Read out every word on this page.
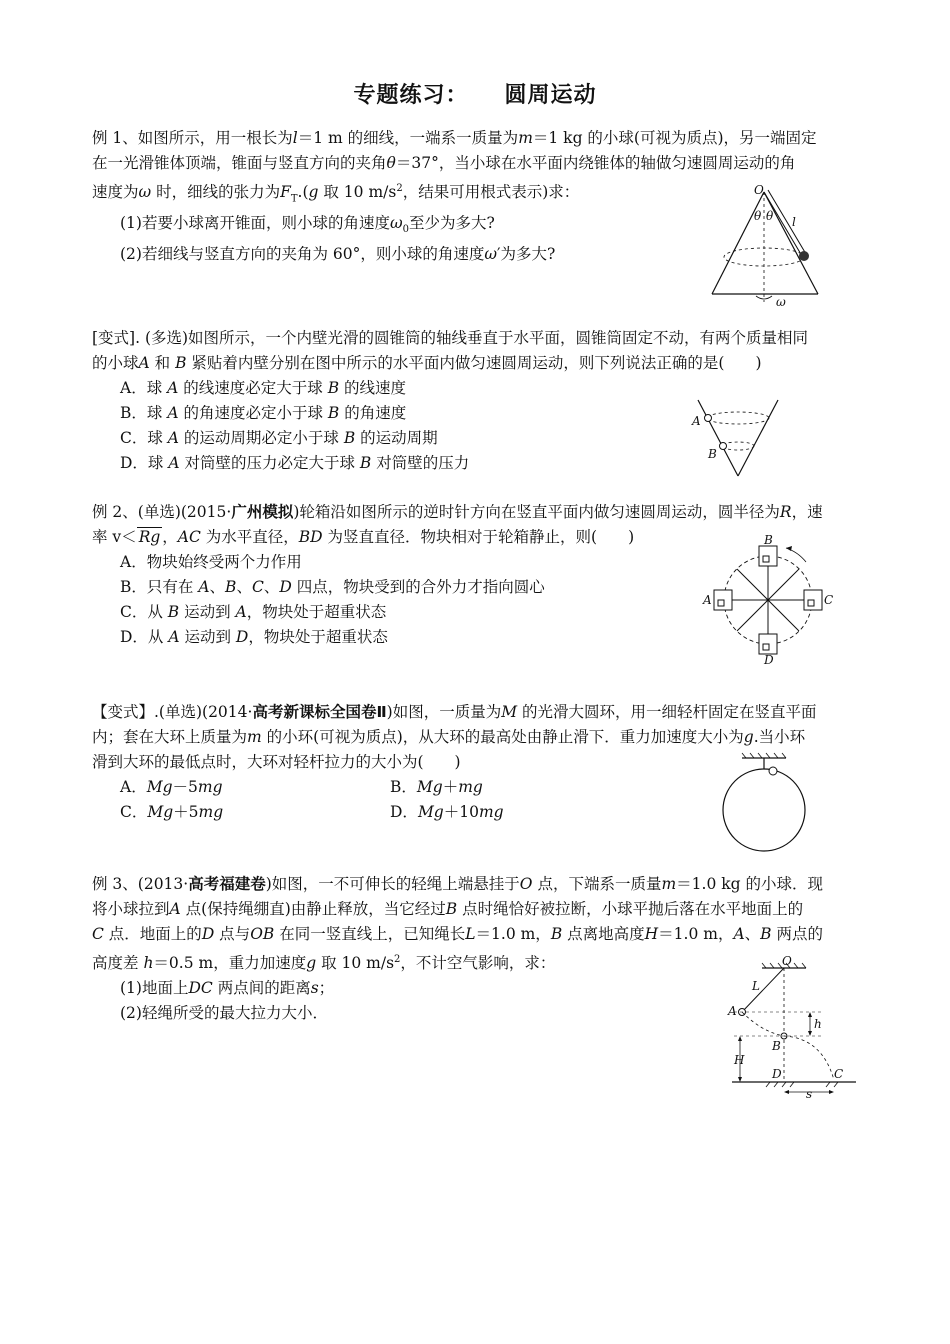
专题练习： 圆周运动

例 1、如图所示，用一根长为l＝1 m 的细线，一端系一质量为m＝1 kg 的小球(可视为质点)，另一端固定

在一光滑锥体顶端，锥面与竖直方向的夹角θ＝37°，当小球在水平面内绕锥体的轴做匀速圆周运动的角

速度为ω 时，细线的张力为$F_T.(g$ 取 10 $m/s^2$，结果可用根式表示)求：

(1)若要小球离开锥面，则小球的角速度$\omega_0$至少为多大?

(2)若细线与竖直方向的夹角为 60°，则小球的角速度ω′为多大?

O
θ θ l
ω

[变式]. (多选)如图所示，一个内壁光滑的圆锥筒的轴线垂直于水平面，圆锥筒固定不动，有两个质量相同

的小球A 和 B 紧贴着内壁分别在图中所示的水平面内做匀速圆周运动，则下列说法正确的是(　　)

A．球 A 的线速度必定大于球 B 的线速度

B．球 A 的角速度必定小于球 B 的角速度

C．球 A 的运动周期必定小于球 B 的运动周期

D．球 A 对筒壁的压力必定大于球 B 对筒壁的压力

A
B

例 2、(单选)(2015·广州模拟)轮箱沿如图所示的逆时针方向在竖直平面内做匀速圆周运动，圆半径为R，速

率 v＜ Rg ，AC 为水平直径，BD 为竖直直径．物块相对于轮箱静止，则(　　)

A．物块始终受两个力作用

B．只有在 A、B、C、D 四点，物块受到的合外力才指向圆心

C．从 B 运动到 A，物块处于超重状态

D．从 A 运动到 D，物块处于超重状态

B
D
A	C

【变式】.(单选)(2014·高考新课标全国卷Ⅱ)如图，一质量为M 的光滑大圆环，用一细轻杆固定在竖直平面

内；套在大环上质量为m 的小环(可视为质点)，从大环的最高处由静止滑下．重力加速度大小为g.当小环

滑到大环的最低点时，大环对轻杆拉力的大小为(　　)

A．Mg－5mg	B．Mg＋mg
C．Mg＋5mg	D．Mg＋10mg

例 3、(2013·高考福建卷)如图，一不可伸长的轻绳上端悬挂于O 点，下端系一质量m＝1.0 kg 的小球．现

将小球拉到A 点(保持绳绷直)由静止释放，当它经过B 点时绳恰好被拉断，小球平抛后落在水平地面上的

C 点．地面上的D 点与OB 在同一竖直线上，已知绳长L＝1.0 m，B 点离地高度H＝1.0 m，A、B 两点的

高度差 h＝0.5 m，重力加速度g 取 10 $m/s^2$，不计空气影响，求：

(1)地面上DC 两点间的距离s；

(2)轻绳所受的最大拉力大小．

O
L
A
B
h
H
D	C
s
